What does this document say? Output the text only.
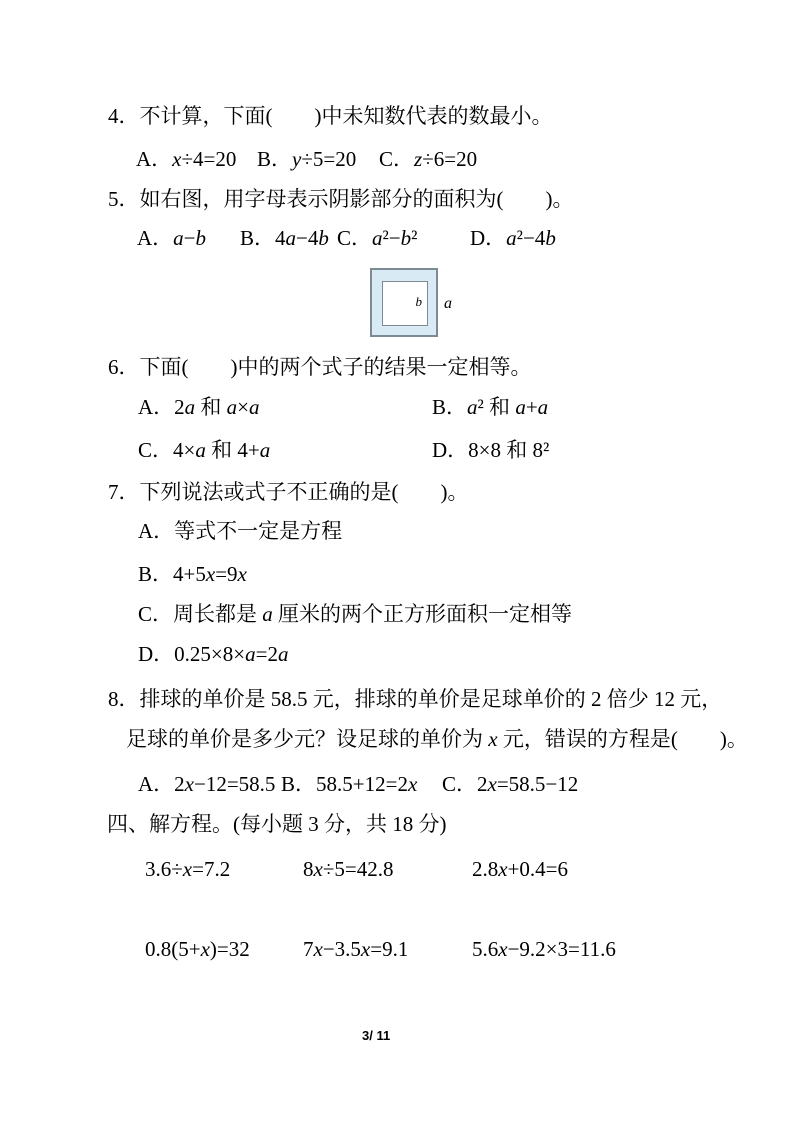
4．不计算，下面(        )中未知数代表的数最小。
A．x÷4=20 B．y÷5=20 C．z÷6=20
5．如右图，用字母表示阴影部分的面积为(        )。
A．a−b B．4a−4b C．a²−b²	D．a²−4b
b a
6．下面(        )中的两个式子的结果一定相等。
A．2a 和 a×a	B．a² 和 a+a
C．4×a 和 4+a	D．8×8 和 8²
7．下列说法或式子不正确的是(        )。
A．等式不一定是方程
B．4+5x=9x
C．周长都是 a 厘米的两个正方形面积一定相等
D．0.25×8×a=2a
8．排球的单价是 58.5 元，排球的单价是足球单价的 2 倍少 12 元，
足球的单价是多少元？设足球的单价为 x 元，错误的方程是(        )。
A．2x−12=58.5 B．58.5+12=2x C．2x=58.5−12
四、解方程。(每小题 3 分，共 18 分)
3.6÷x=7.2	8x÷5=42.8	2.8x+0.4=6
0.8(5+x)=32	7x−3.5x=9.1	5.6x−9.2×3=11.6
3/ 11
